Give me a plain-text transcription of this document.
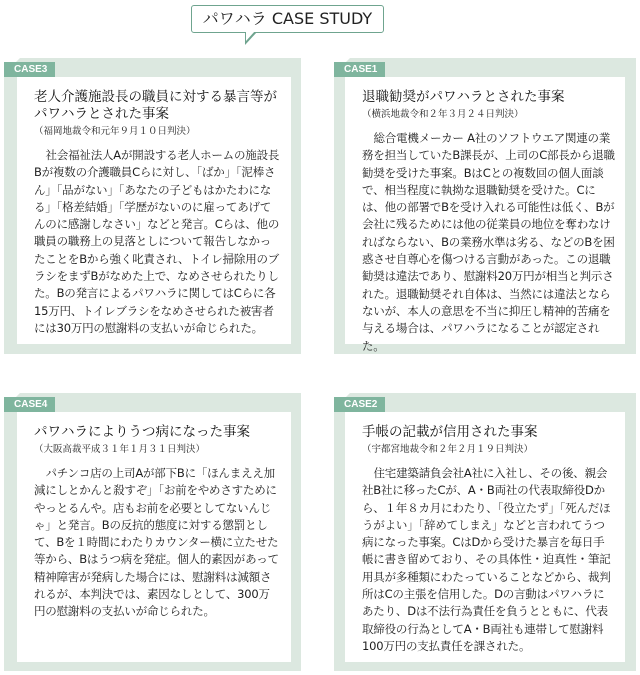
パワハラ CASE STUDY
CASE3
老人介護施設長の職員に対する暴言等がパワハラとされた事案

（福岡地裁令和元年９月１０日判決）

社会福祉法人Aが開設する老人ホームの施設長Bが複数の介護職員Cらに対し、「ばか」「泥棒さん」「品がない」「あなたの子どもはかたわになる」「格差結婚」「学歴がないのに雇ってあげてんのに感謝しなさい」などと発言。Cらは、他の職員の職務上の見落としについて報告しなかったことをBから強く叱責され、トイレ掃除用のブラシをまずBがなめた上で、なめさせられたりした。Bの発言によるパワハラに関してはCらに各15万円、トイレブラシをなめさせられた被害者には30万円の慰謝料の支払いが命じられた。

CASE1
退職勧奨がパワハラとされた事案

（横浜地裁令和２年３月２４日判決）

総合電機メーカー A社のソフトウエア関連の業務を担当していたB課長が、上司のC部長から退職勧奨を受けた事案。BはCとの複数回の個人面談で、相当程度に執拗な退職勧奨を受けた。Cには、他の部署でBを受け入れる可能性は低く、Bが会社に残るためには他の従業員の地位を奪わなければならない、Bの業務水準は劣る、などのBを困惑させ自尊心を傷つける言動があった。この退職勧奨は違法であり、慰謝料20万円が相当と判示された。退職勧奨それ自体は、当然には違法とならないが、本人の意思を不当に抑圧し精神的苦痛を与える場合は、パワハラになることが認定された。

CASE4
パワハラによりうつ病になった事案

（大阪高裁平成３１年１月３１日判決）

パチンコ店の上司Aが部下Bに「ほんまええ加減にしとかんと殺すぞ」「お前をやめさすためにやっとるんや。店もお前を必要としてないんじゃ」と発言。Bの反抗的態度に対する懲罰として、Bを１時間にわたりカウンター横に立たせた等から、Bはうつ病を発症。個人的素因があって精神障害が発病した場合には、慰謝料は減額されるが、本判決では、素因なしとして、300万円の慰謝料の支払いが命じられた。

CASE2
手帳の記載が信用された事案

（宇都宮地裁令和２年２月１９日判決）

住宅建築請負会社A社に入社し、その後、親会社B社に移ったCが、A・B両社の代表取締役Dから、１年８カ月にわたり、「役立たず」「死んだほうがよい」「辞めてしまえ」などと言われてうつ病になった事案。CはDから受けた暴言を毎日手帳に書き留めており、その具体性・迫真性・筆記用具が多種類にわたっていることなどから、裁判所はCの主張を信用した。Dの言動はパワハラにあたり、Dは不法行為責任を負うとともに、代表取締役の行為としてA・B両社も連帯して慰謝料100万円の支払責任を課された。
